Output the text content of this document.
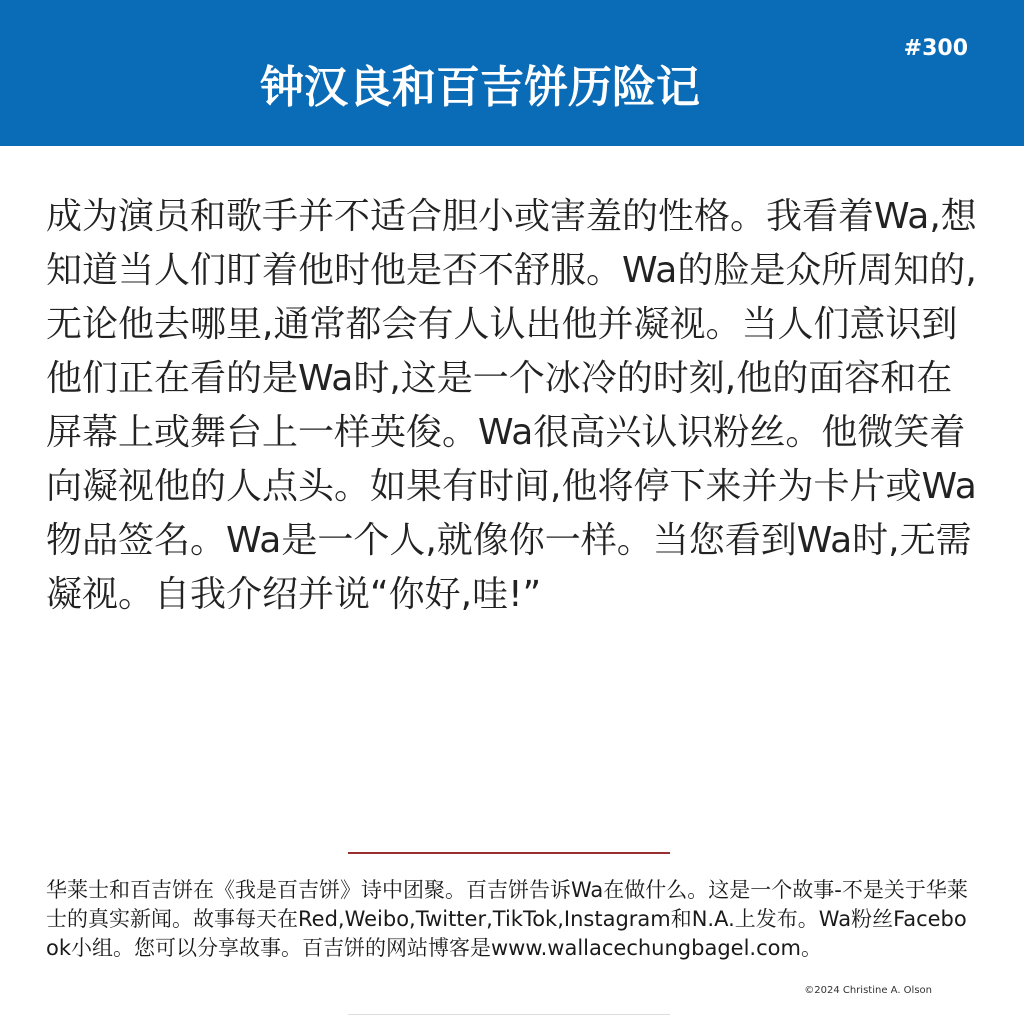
#300
钟汉良和百吉饼历险记
成为演员和歌手并不适合胆小或害羞的性格。我看着Wa,想知道当人们盯着他时他是否不舒服。Wa的脸是众所周知的,无论他去哪里,通常都会有人认出他并凝视。当人们意识到他们正在看的是Wa时,这是一个冰冷的时刻,他的面容和在屏幕上或舞台上一样英俊。Wa很高兴认识粉丝。他微笑着向凝视他的人点头。如果有时间,他将停下来并为卡片或Wa物品签名。Wa是一个人,就像你一样。当您看到Wa时,无需凝视。自我介绍并说“你好,哇!”
华莱士和百吉饼在《我是百吉饼》诗中团聚。百吉饼告诉Wa在做什么。这是一个故事-不是关于华莱士的真实新闻。故事每天在Red,Weibo,Twitter,TikTok,Instagram和N.A.上发布。Wa粉丝Facebook小组。您可以分享故事。百吉饼的网站博客是www.wallacechungbagel.com。
©2024 Christine A. Olson
